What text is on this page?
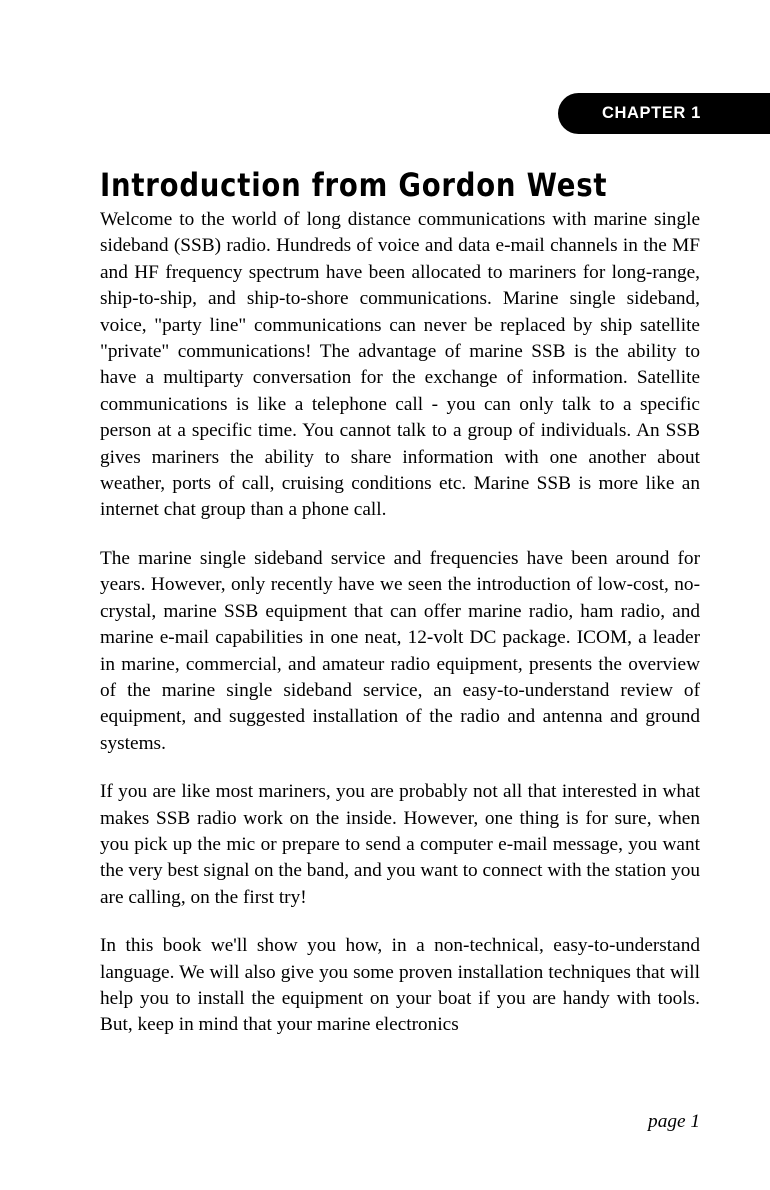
CHAPTER 1
Introduction from Gordon West

Welcome to the world of long distance communications with marine single sideband (SSB) radio. Hundreds of voice and data e-mail channels in the MF and HF frequency spectrum have been allocated to mariners for long-range, ship-to-ship, and ship-to-shore communications. Marine single sideband, voice, "party line" communications can never be replaced by ship satellite "private" communications! The advantage of marine SSB is the ability to have a multiparty conversation for the exchange of information. Satellite communications is like a telephone call - you can only talk to a specific person at a specific time. You cannot talk to a group of individuals. An SSB gives mariners the ability to share information with one another about weather, ports of call, cruising conditions etc. Marine SSB is more like an internet chat group than a phone call.

The marine single sideband service and frequencies have been around for years. However, only recently have we seen the introduction of low-cost, no-crystal, marine SSB equipment that can offer marine radio, ham radio, and marine e-mail capabilities in one neat, 12-volt DC package. ICOM, a leader in marine, commercial, and amateur radio equipment, presents the overview of the marine single sideband service, an easy-to-understand review of equipment, and suggested installation of the radio and antenna and ground systems.

If you are like most mariners, you are probably not all that interested in what makes SSB radio work on the inside. However, one thing is for sure, when you pick up the mic or prepare to send a computer e-mail message, you want the very best signal on the band, and you want to connect with the station you are calling, on the first try!

In this book we'll show you how, in a non-technical, easy-to-understand language. We will also give you some proven installation techniques that will help you to install the equipment on your boat if you are handy with tools. But, keep in mind that your marine electronics

page 1
